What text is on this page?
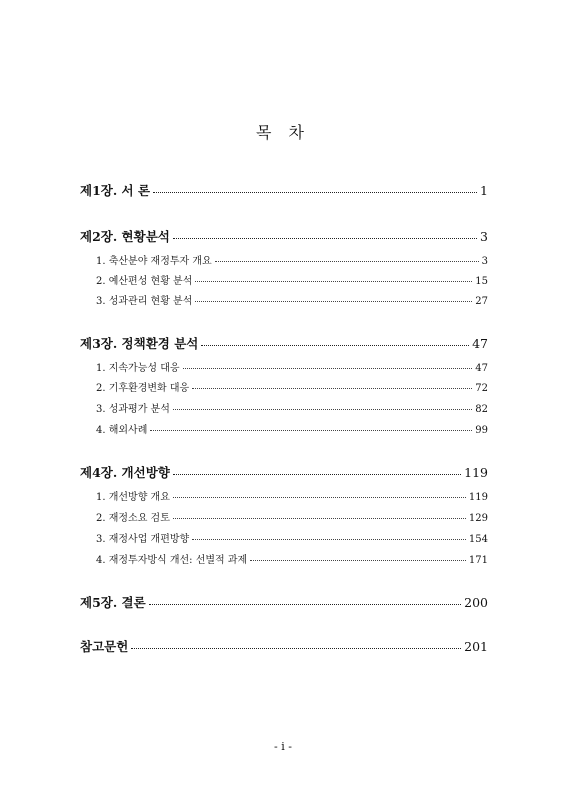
목 차
제1장. 서 론	1
제2장. 현황분석	3
1. 축산분야 재정투자 개요	3
2. 예산편성 현황 분석	15
3. 성과관리 현황 분석	27
제3장. 정책환경 분석	47
1. 지속가능성 대응	47
2. 기후환경변화 대응	72
3. 성과평가 분석	82
4. 해외사례	99
제4장. 개선방향	119
1. 개선방향 개요	119
2. 재정소요 검토	129
3. 재정사업 개편방향	154
4. 재정투자방식 개선: 선별적 과제	171
제5장. 결론	200
참고문헌	201
- i -
